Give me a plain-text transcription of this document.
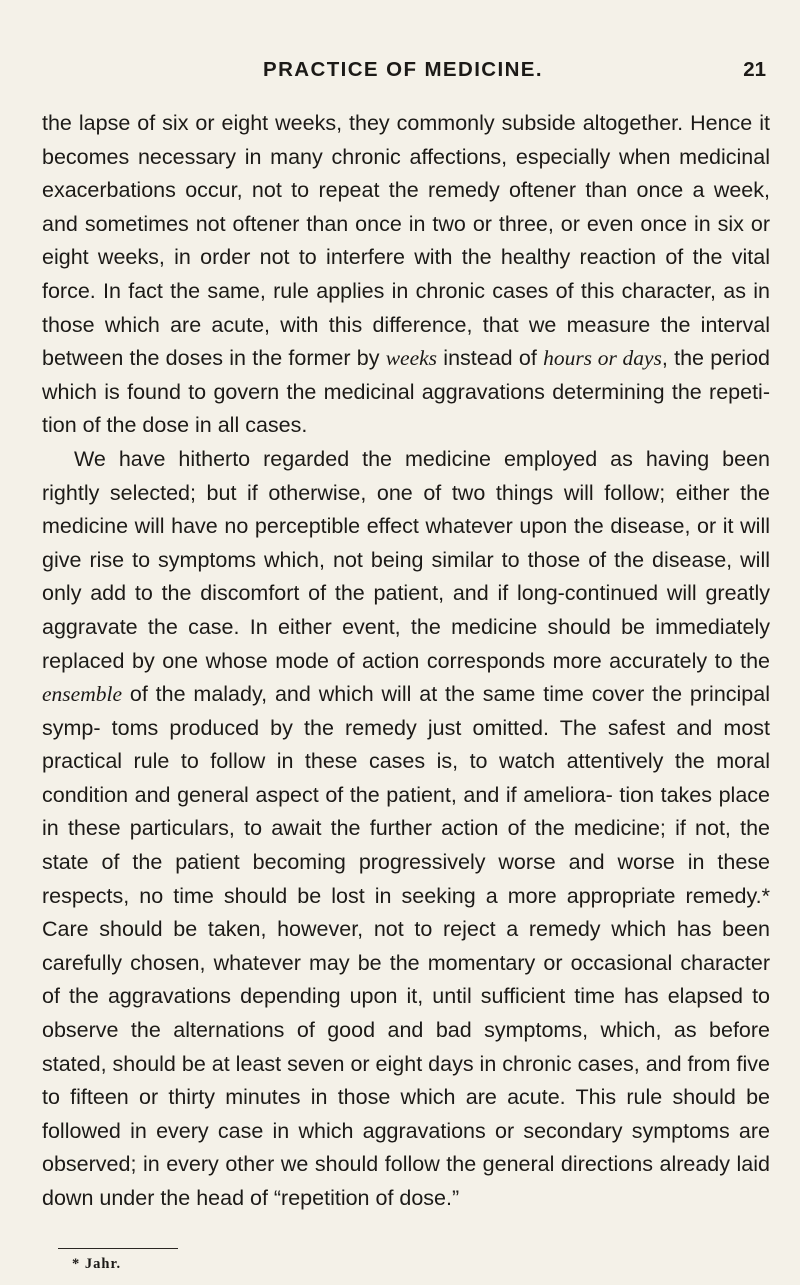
PRACTICE OF MEDICINE.	21

the lapse of six or eight weeks, they commonly subside altogether. Hence it becomes necessary in many chronic affections, especially when medicinal exacerbations occur, not to repeat the remedy oftener than once a week, and sometimes not oftener than once in two or three, or even once in six or eight weeks, in order not to interfere with the healthy reaction of the vital force. In fact the same, rule applies in chronic cases of this character, as in those which are acute, with this difference, that we measure the interval between the doses in the former by weeks instead of hours or days, the period which is found to govern the medicinal aggravations determining the repeti- tion of the dose in all cases.

We have hitherto regarded the medicine employed as having been rightly selected; but if otherwise, one of two things will follow; either the medicine will have no perceptible effect whatever upon the disease, or it will give rise to symptoms which, not being similar to those of the disease, will only add to the discomfort of the patient, and if long-continued will greatly aggravate the case. In either event, the medicine should be immediately replaced by one whose mode of action corresponds more accurately to the ensemble of the malady, and which will at the same time cover the principal symp- toms produced by the remedy just omitted. The safest and most practical rule to follow in these cases is, to watch attentively the moral condition and general aspect of the patient, and if ameliora- tion takes place in these particulars, to await the further action of the medicine; if not, the state of the patient becoming progressively worse and worse in these respects, no time should be lost in seeking a more appropriate remedy.* Care should be taken, however, not to reject a remedy which has been carefully chosen, whatever may be the momentary or occasional character of the aggravations depending upon it, until sufficient time has elapsed to observe the alternations of good and bad symptoms, which, as before stated, should be at least seven or eight days in chronic cases, and from five to fifteen or thirty minutes in those which are acute. This rule should be followed in every case in which aggravations or secondary symptoms are observed; in every other we should follow the general directions already laid down under the head of “repetition of dose.”

* Jahr.
